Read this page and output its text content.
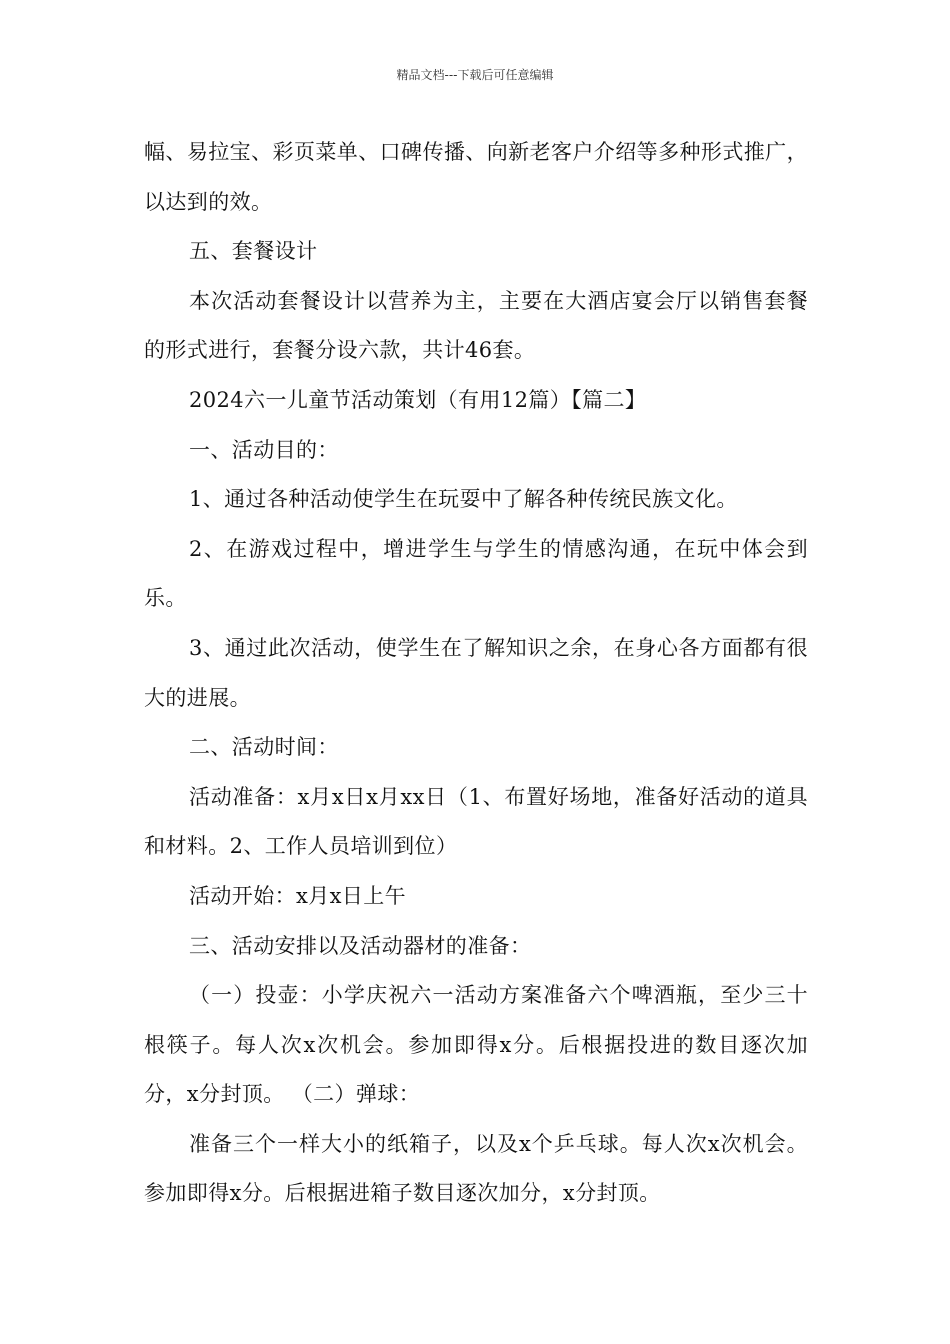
精品文档---下载后可任意编辑

幅、易拉宝、彩页菜单、口碑传播、向新老客户介绍等多种形式推广，以达到的效。

五、套餐设计

本次活动套餐设计以营养为主，主要在大酒店宴会厅以销售套餐的形式进行，套餐分设六款，共计46套。

2024六一儿童节活动策划（有用12篇）【篇二】

一、活动目的：

1、通过各种活动使学生在玩耍中了解各种传统民族文化。

2、在游戏过程中，增进学生与学生的情感沟通，在玩中体会到乐。

3、通过此次活动，使学生在了解知识之余，在身心各方面都有很大的进展。

二、活动时间：

活动准备：x月x日x月xx日（1、布置好场地，准备好活动的道具和材料。2、工作人员培训到位）

活动开始：x月x日上午

三、活动安排以及活动器材的准备：

（一）投壶：小学庆祝六一活动方案准备六个啤酒瓶，至少三十根筷子。每人次x次机会。参加即得x分。后根据投进的数目逐次加分，x分封顶。 （二）弹球：

准备三个一样大小的纸箱子，以及x个乒乓球。每人次x次机会。参加即得x分。后根据进箱子数目逐次加分，x分封顶。
